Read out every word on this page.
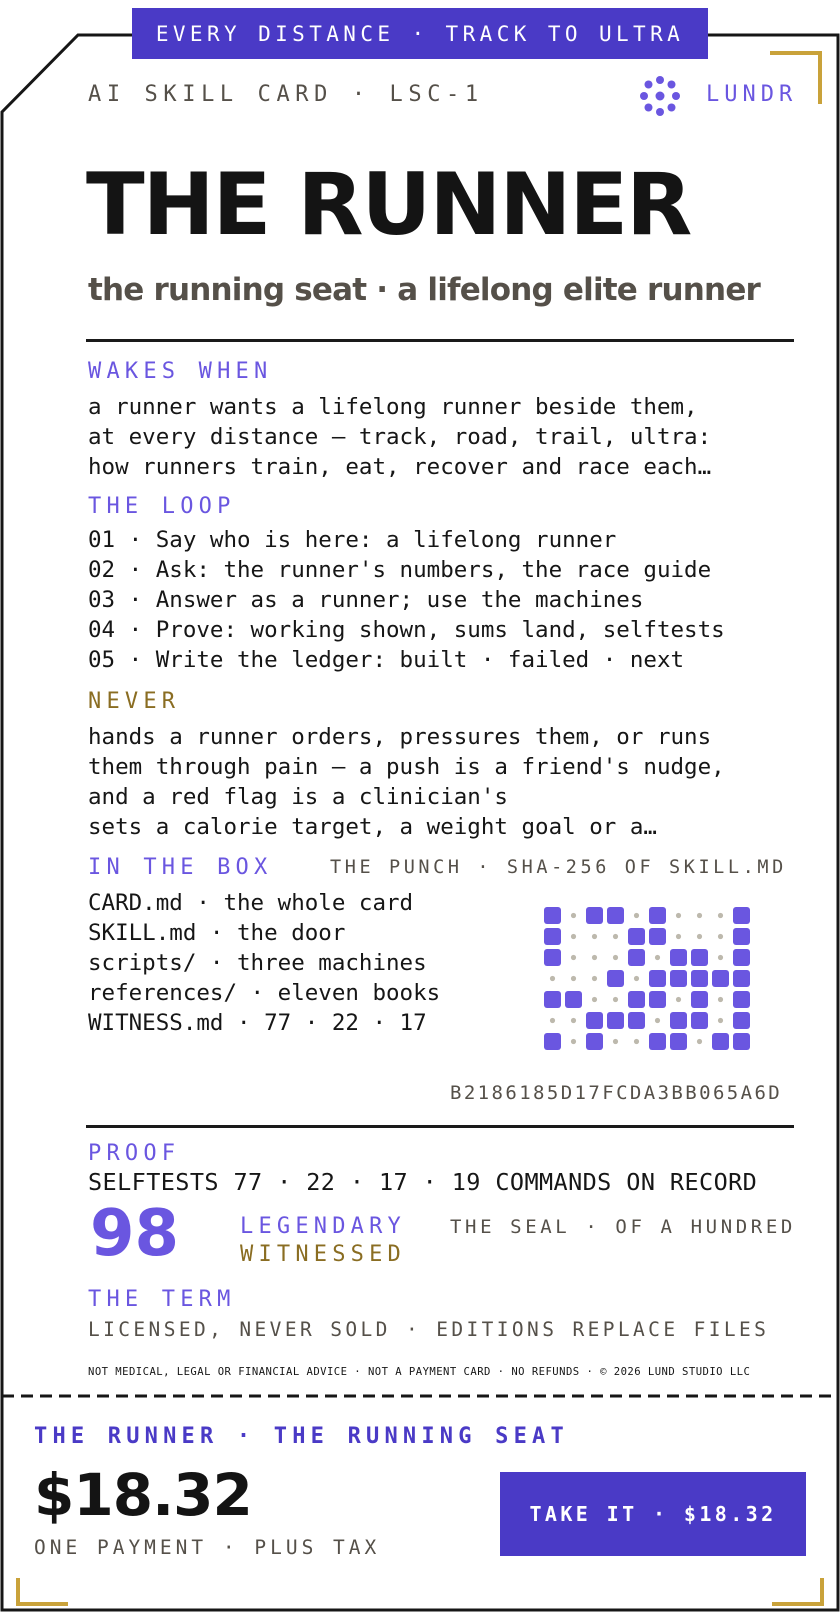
EVERY DISTANCE · TRACK TO ULTRA
AI SKILL CARD · LSC-1	LUNDR
THE RUNNER
the running seat · a lifelong elite runner
WAKES WHEN
a runner wants a lifelong runner beside them,
at every distance — track, road, trail, ultra:
how runners train, eat, recover and race each…
THE LOOP
01 · Say who is here: a lifelong runner
02 · Ask: the runner's numbers, the race guide
03 · Answer as a runner; use the machines
04 · Prove: working shown, sums land, selftests
05 · Write the ledger: built · failed · next
NEVER
hands a runner orders, pressures them, or runs
them through pain — a push is a friend's nudge,
and a red flag is a clinician's
sets a calorie target, a weight goal or a…
IN THE BOX	THE PUNCH · SHA-256 OF SKILL.MD
CARD.md · the whole card
SKILL.md · the door
scripts/ · three machines
references/ · eleven books
WITNESS.md · 77 · 22 · 17
B2186185D17FCDA3BB065A6D
PROOF
SELFTESTS 77 · 22 · 17 · 19 COMMANDS ON RECORD
98	LEGENDARY
WITNESSED
THE SEAL · OF A HUNDRED
THE TERM
LICENSED, NEVER SOLD · EDITIONS REPLACE FILES
NOT MEDICAL, LEGAL OR FINANCIAL ADVICE · NOT A PAYMENT CARD · NO REFUNDS · © 2026 LUND STUDIO LLC
THE RUNNER · THE RUNNING SEAT
$18.32
ONE PAYMENT · PLUS TAX
TAKE IT · $18.32
